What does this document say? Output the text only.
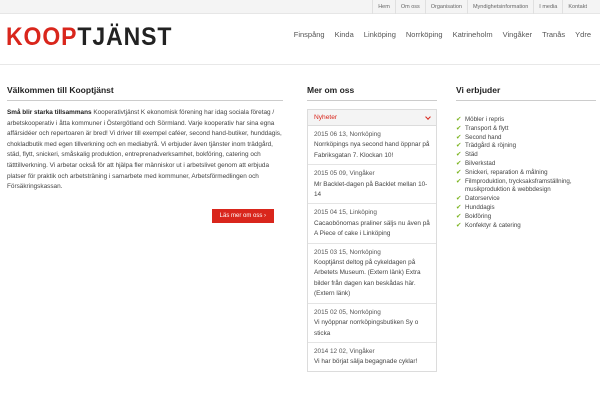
Hem	Om oss	Organisation	Myndighetsinformation	I media	Kontakt
KOOP TJÄNST	Finspång	Kinda	Linköping	Norrköping	Katrineholm	Vingåker	Tranås	Ydre
Välkommen till Kooptjänst

Små blir starka tillsammans Kooperativtjänst K ekonomisk förening har idag sociala företag / arbetskooperativ i åtta kommuner i Östergötland och Sörmland. Varje kooperativ har sina egna affärsidéer och repertoaren är bred! Vi driver till exempel caféer, second hand-butiker, hunddagis, chokladbutik med egen tillverkning och en mediabyrå. Vi erbjuder även tjänster inom trädgård, städ, flytt, snickeri, småskalig produktion, entreprenadverksamhet, bokföring, catering och tätttillverkning. Vi arbetar också för att hjälpa fler människor ut i arbetslivet genom att erbjuda platser för praktik och arbetsträning i samarbete med kommuner, Arbetsförmedlingen och Försäkringskassan.

Läs mer om oss ›
Mer om oss
Nyheter
2015 06 13, Norrköping
Norrköpings nya second hand öppnar på Fabriksgatan 7. Klockan 10!
2015 05 09, Vingåker
Mr Backlet-dagen på Backlet mellan 10-14
2015 04 15, Linköping
Cacaobönomas praliner säljs nu även på A Piece of cake i Linköping
2015 03 15, Norrköping
Kooptjänst deltog på cykeldagen på Arbetets Museum. (Extern länk) Extra bilder från dagen kan beskådas här. (Extern länk)
2015 02 05, Norrköping
Vi nyöppnar norrköpingsbutiken Sy o sticka
2014 12 02, Vingåker
Vi har börjat sälja begagnade cyklar!
Vi erbjuder
✔ Möbler i repris
✔ Transport & flytt
✔ Second hand
✔ Trädgård & röjning
✔ Städ
✔ Bilverkstad
✔ Snickeri, reparation & målning
✔ Filmproduktion, trycksaksframställning, musikproduktion & webbdesign
✔ Datorservice
✔ Hunddagis
✔ Bokföring
✔ Konfektyr & catering
